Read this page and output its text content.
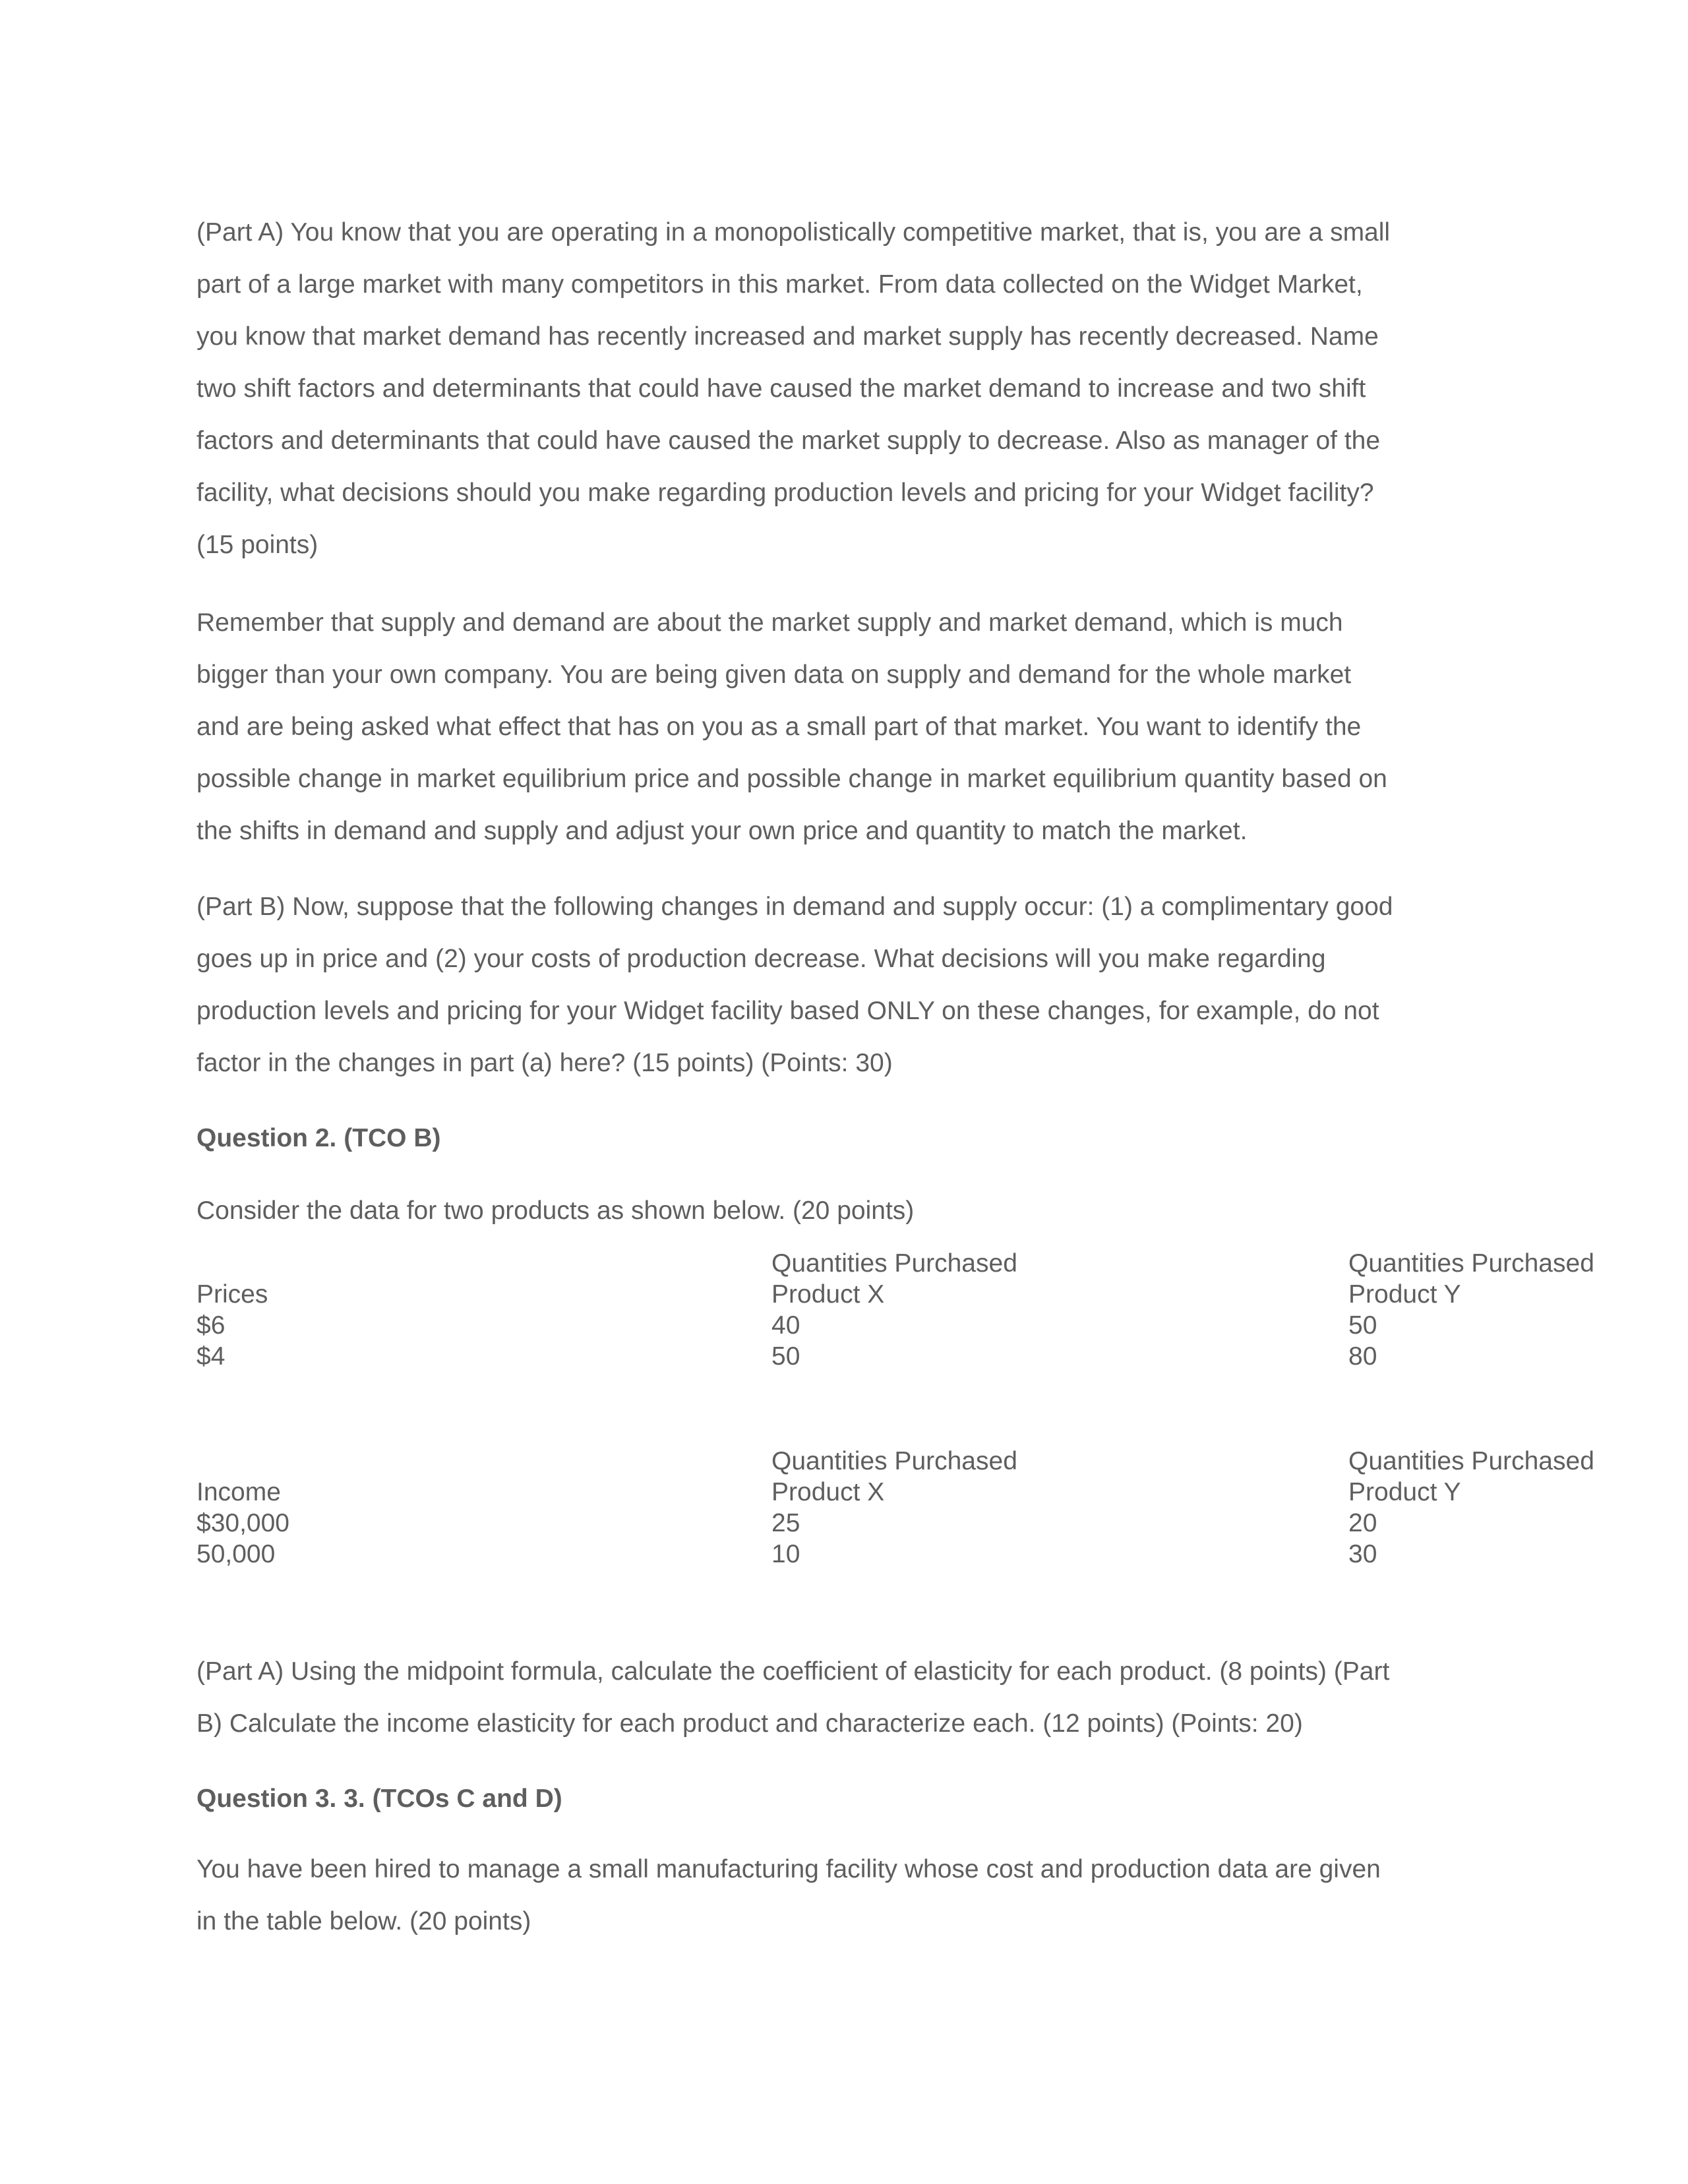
(Part A) You know that you are operating in a monopolistically competitive market, that is, you are a small
part of a large market with many competitors in this market. From data collected on the Widget Market,
you know that market demand has recently increased and market supply has recently decreased. Name
two shift factors and determinants that could have caused the market demand to increase and two shift
factors and determinants that could have caused the market supply to decrease. Also as manager of the
facility, what decisions should you make regarding production levels and pricing for your Widget facility?
(15 points)

Remember that supply and demand are about the market supply and market demand, which is much
bigger than your own company. You are being given data on supply and demand for the whole market
and are being asked what effect that has on you as a small part of that market. You want to identify the
possible change in market equilibrium price and possible change in market equilibrium quantity based on
the shifts in demand and supply and adjust your own price and quantity to match the market.

(Part B) Now, suppose that the following changes in demand and supply occur: (1) a complimentary good
goes up in price and (2) your costs of production decrease. What decisions will you make regarding
production levels and pricing for your Widget facility based ONLY on these changes, for example, do not
factor in the changes in part (a) here? (15 points) (Points: 30)

Question 2. (TCO B)

Consider the data for two products as shown below. (20 points)

Prices
$6
$4
Quantities Purchased
Product X
40
50
Quantities Purchased
Product Y
50
80

Income
$30,000
50,000
Quantities Purchased
Product X
25
10
Quantities Purchased
Product Y
20
30

(Part A) Using the midpoint formula, calculate the coefficient of elasticity for each product. (8 points) (Part
B) Calculate the income elasticity for each product and characterize each. (12 points) (Points: 20)

Question 3. 3. (TCOs C and D)

You have been hired to manage a small manufacturing facility whose cost and production data are given
in the table below. (20 points)
